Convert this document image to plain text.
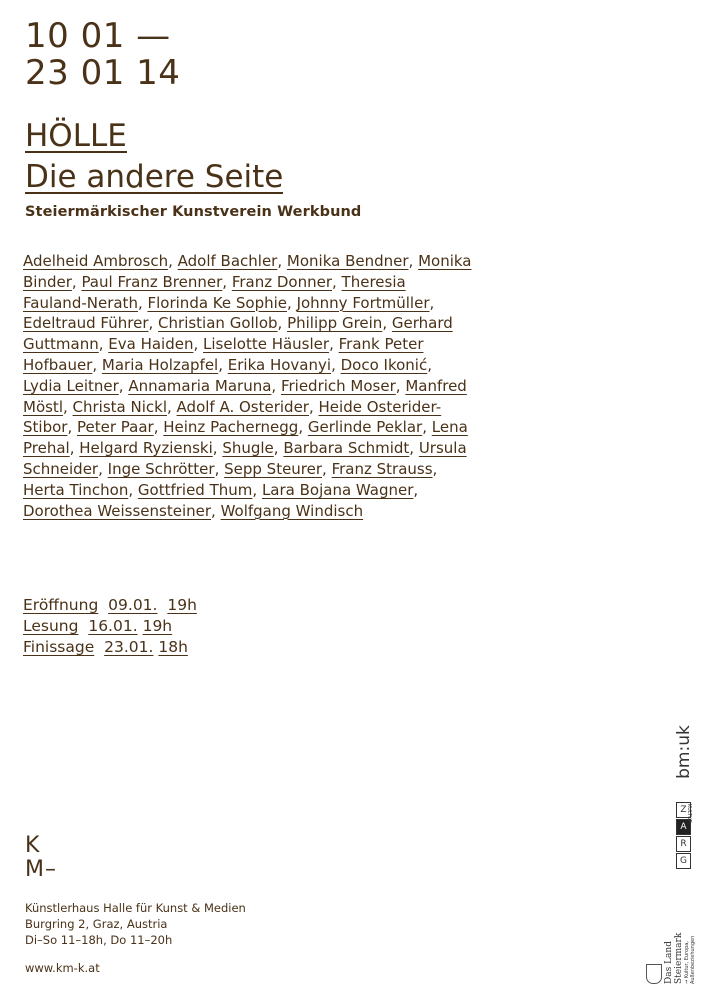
10 01 —
23 01 14
HÖLLE
Die andere Seite
Steiermärkischer Kunstverein Werkbund
Adelheid Ambrosch, Adolf Bachler, Monika Bendner, Monika Binder, Paul Franz Brenner, Franz Donner, Theresia Fauland-Nerath, Florinda Ke Sophie, Johnny Fortmüller, Edeltraud Führer, Christian Gollob, Philipp Grein, Gerhard Guttmann, Eva Haiden, Liselotte Häusler, Frank Peter Hofbauer, Maria Holzapfel, Erika Hovanyi, Doco Ikonić, Lydia Leitner, Annamaria Maruna, Friedrich Moser, Manfred Möstl, Christa Nickl, Adolf A. Osterider, Heide Osterider-Stibor, Peter Paar, Heinz Pachernegg, Gerlinde Peklar, Lena Prehal, Helgard Ryzienski, Shugle, Barbara Schmidt, Ursula Schneider, Inge Schrötter, Sepp Steurer, Franz Strauss, Herta Tinchon, Gottfried Thum, Lara Bojana Wagner, Dorothea Weissensteiner, Wolfgang Windisch
Eröffnung 09.01. 19h
Lesung 16.01. 19h
Finissage 23.01. 18h
K
M–
Künstlerhaus Halle für Kunst & Medien
Burgring 2, Graz, Austria
Di–So 11–18h, Do 11–20h
www.km-k.at
bm:uk
Z
A
R
G
KULTUR
Das Land Steiermark → Kultur, Europa, Außenbeziehungen
